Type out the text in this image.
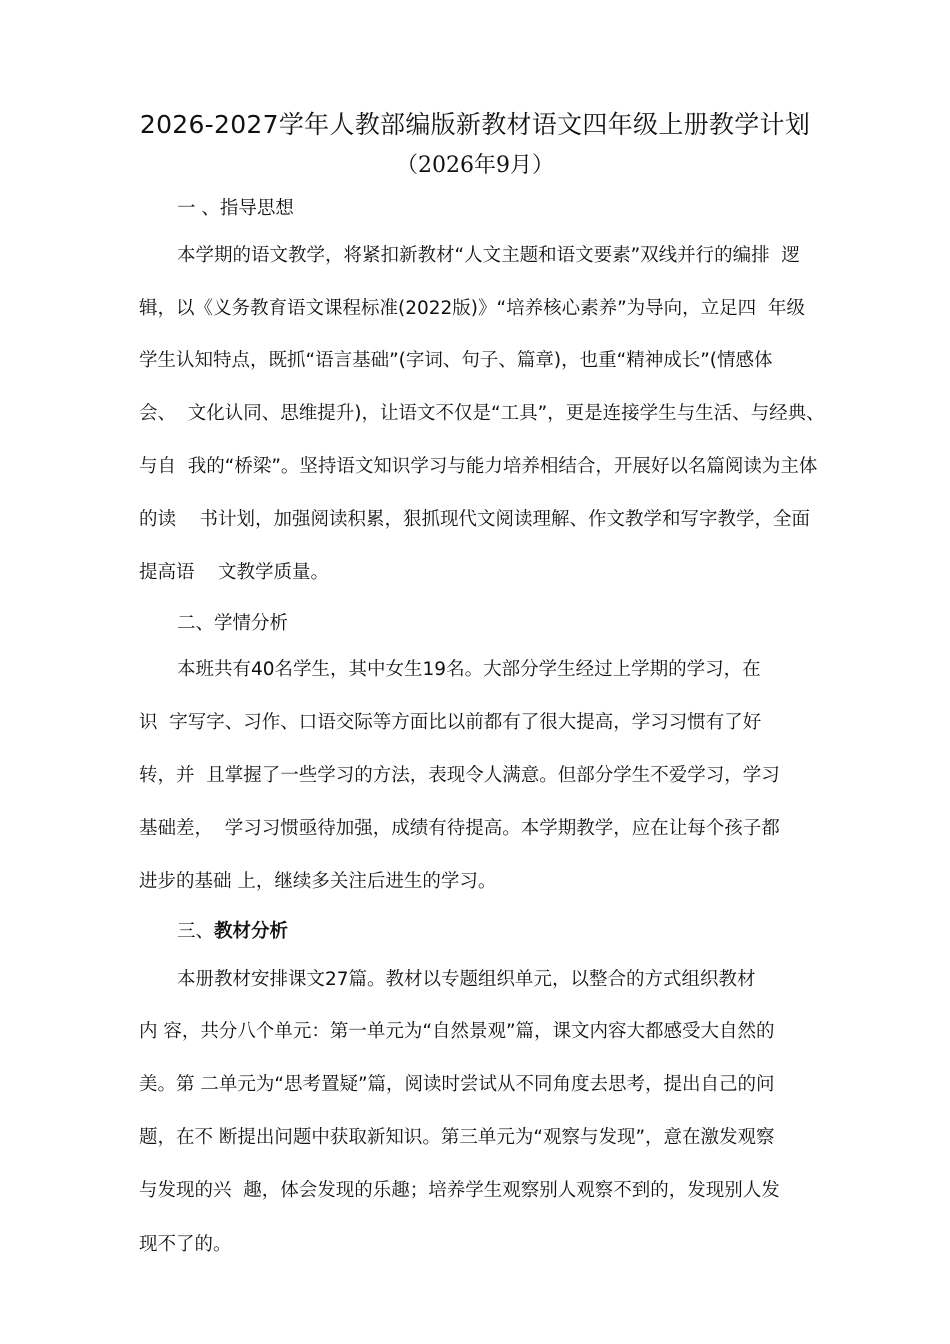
2026-2027学年人教部编版新教材语文四年级上册教学计划
（2026年9月）
一 、指导思想
本学期的语文教学，将紧扣新教材“人文主题和语文要素”双线并行的编排  逻
辑，以《义务教育语文课程标准(2022版)》“培养核心素养”为导向，立足四  年级
学生认知特点，既抓“语言基础”(字词、句子、篇章)，也重“精神成长”(情感体
会、  文化认同、思维提升)，让语文不仅是“工具”，更是连接学生与生活、与经典、
与自  我的“桥梁”。坚持语文知识学习与能力培养相结合，开展好以名篇阅读为主体
的读    书计划，加强阅读积累，狠抓现代文阅读理解、作文教学和写字教学，全面
提高语    文教学质量。
二、学情分析
本班共有40名学生，其中女生19名。大部分学生经过上学期的学习，在
识  字写字、习作、口语交际等方面比以前都有了很大提高，学习习惯有了好
转，并  且掌握了一些学习的方法，表现令人满意。但部分学生不爱学习，学习
基础差，  学习习惯亟待加强，成绩有待提高。本学期教学，应在让每个孩子都
进步的基础 上，继续多关注后进生的学习。
三、教材分析
本册教材安排课文27篇。教材以专题组织单元，以整合的方式组织教材
内 容，共分八个单元：第一单元为“自然景观”篇，课文内容大都感受大自然的
美。第 二单元为“思考置疑”篇，阅读时尝试从不同角度去思考，提出自己的问
题，在不 断提出问题中获取新知识。第三单元为“观察与发现”，意在激发观察
与发现的兴  趣，体会发现的乐趣；培养学生观察别人观察不到的，发现别人发
现不了的。
